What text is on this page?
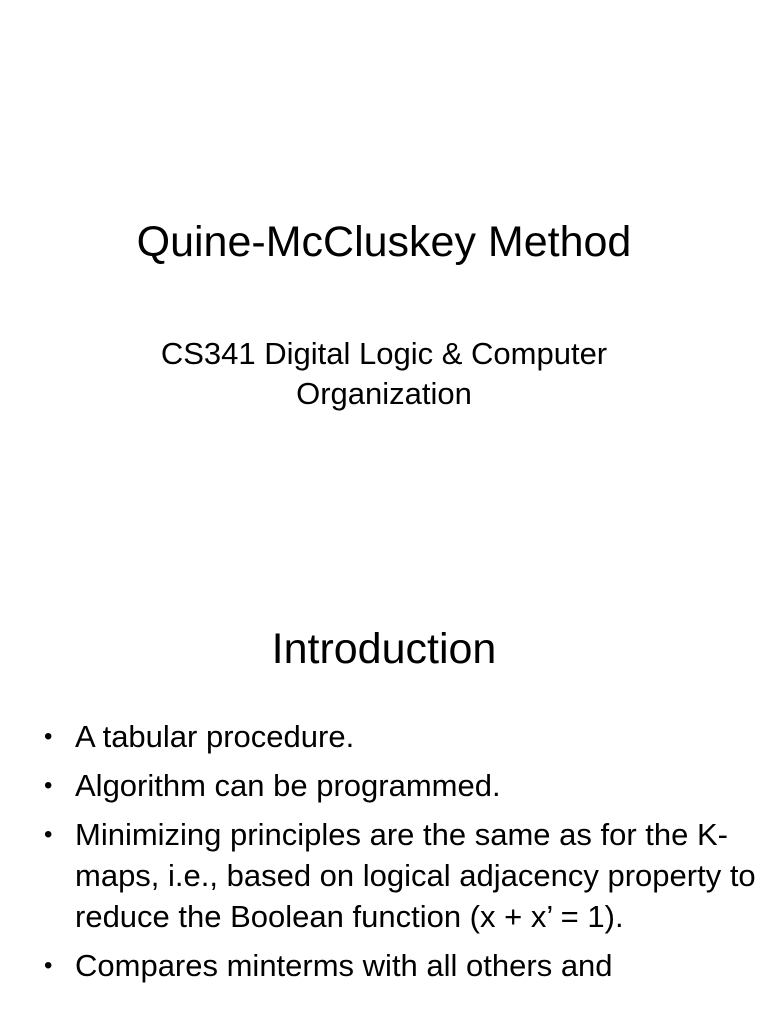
Quine-McCluskey Method

CS341 Digital Logic & Computer Organization

Introduction
• A tabular procedure.
• Algorithm can be programmed.
• Minimizing principles are the same as for the K-maps, i.e., based on logical adjacency property to reduce the Boolean function (x + x’ = 1).
• Compares minterms with all others and
